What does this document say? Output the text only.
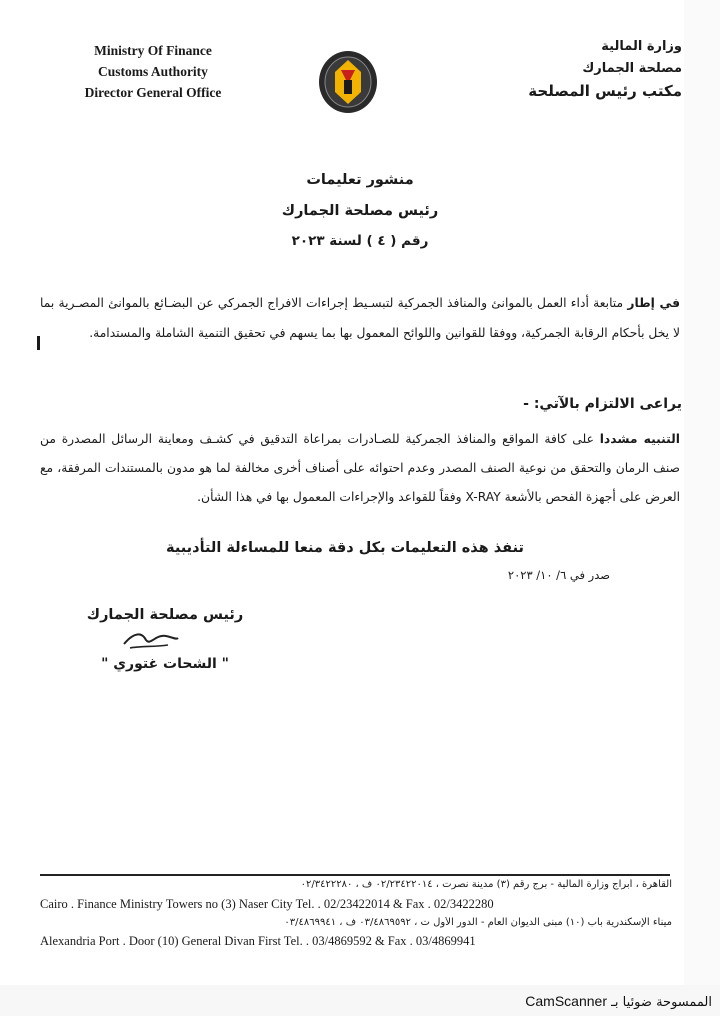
Ministry Of Finance
Customs Authority
Director General Office
وزارة المالية
مصلحة الجمارك
مكتب رئيس المصلحة
منشور تعليمات
رئيس مصلحة الجمارك
رقم ( ٤ ) لسنة ٢٠٢٣
في إطار متابعة أداء العمل بالموانئ والمنافذ الجمركية لتبسـيط إجراءات الافراج الجمركي عن البضـائع بالموانئ المصـرية بما لا يخل بأحكام الرقابة الجمركية، ووفقا للقوانين واللوائح المعمول بها بما يسهم في تحقيق التنمية الشاملة والمستدامة.
يراعى الالتزام بالآتي: -
التنبيه مشددا على كافة المواقع والمنافذ الجمركية للصـادرات بمراعاة التدقيق في كشـف ومعاينة الرسائل المصدرة من صنف الرمان والتحقق من نوعية الصنف المصدر وعدم احتوائه على أصناف أخرى مخالفة لما هو مدون بالمستندات المرفقة، مع العرض على أجهزة الفحص بالأشعة X-RAY وفقاً للقواعد والإجراءات المعمول بها في هذا الشأن.
تنفذ هذه التعليمات بكل دقة منعا للمساءلة التأديبية
صدر في ٦/ ١٠/ ٢٠٢٣
رئيس مصلحة الجمارك
" الشحات غتوري "
القاهرة ، أبراج وزارة المالية - برج رقم (٣) مدينة نصرت ، ٠٢/٢٣٤٢٢٠١٤ ف ، ٠٢/٣٤٢٢٢٨٠
Cairo . Finance Ministry Towers no (3) Naser City Tel. . 02/23422014 & Fax . 02/3422280
ميناء الإسكندرية باب (١٠) مبنى الديوان العام - الدور الأول ت ، ٠٣/٤٨٦٩٥٩٢ ف ، ٠٣/٤٨٦٩٩٤١
Alexandria Port . Door (10) General Divan First Tel. . 03/4869592 & Fax . 03/4869941
الممسوحة ضوئيا بـ CamScanner
